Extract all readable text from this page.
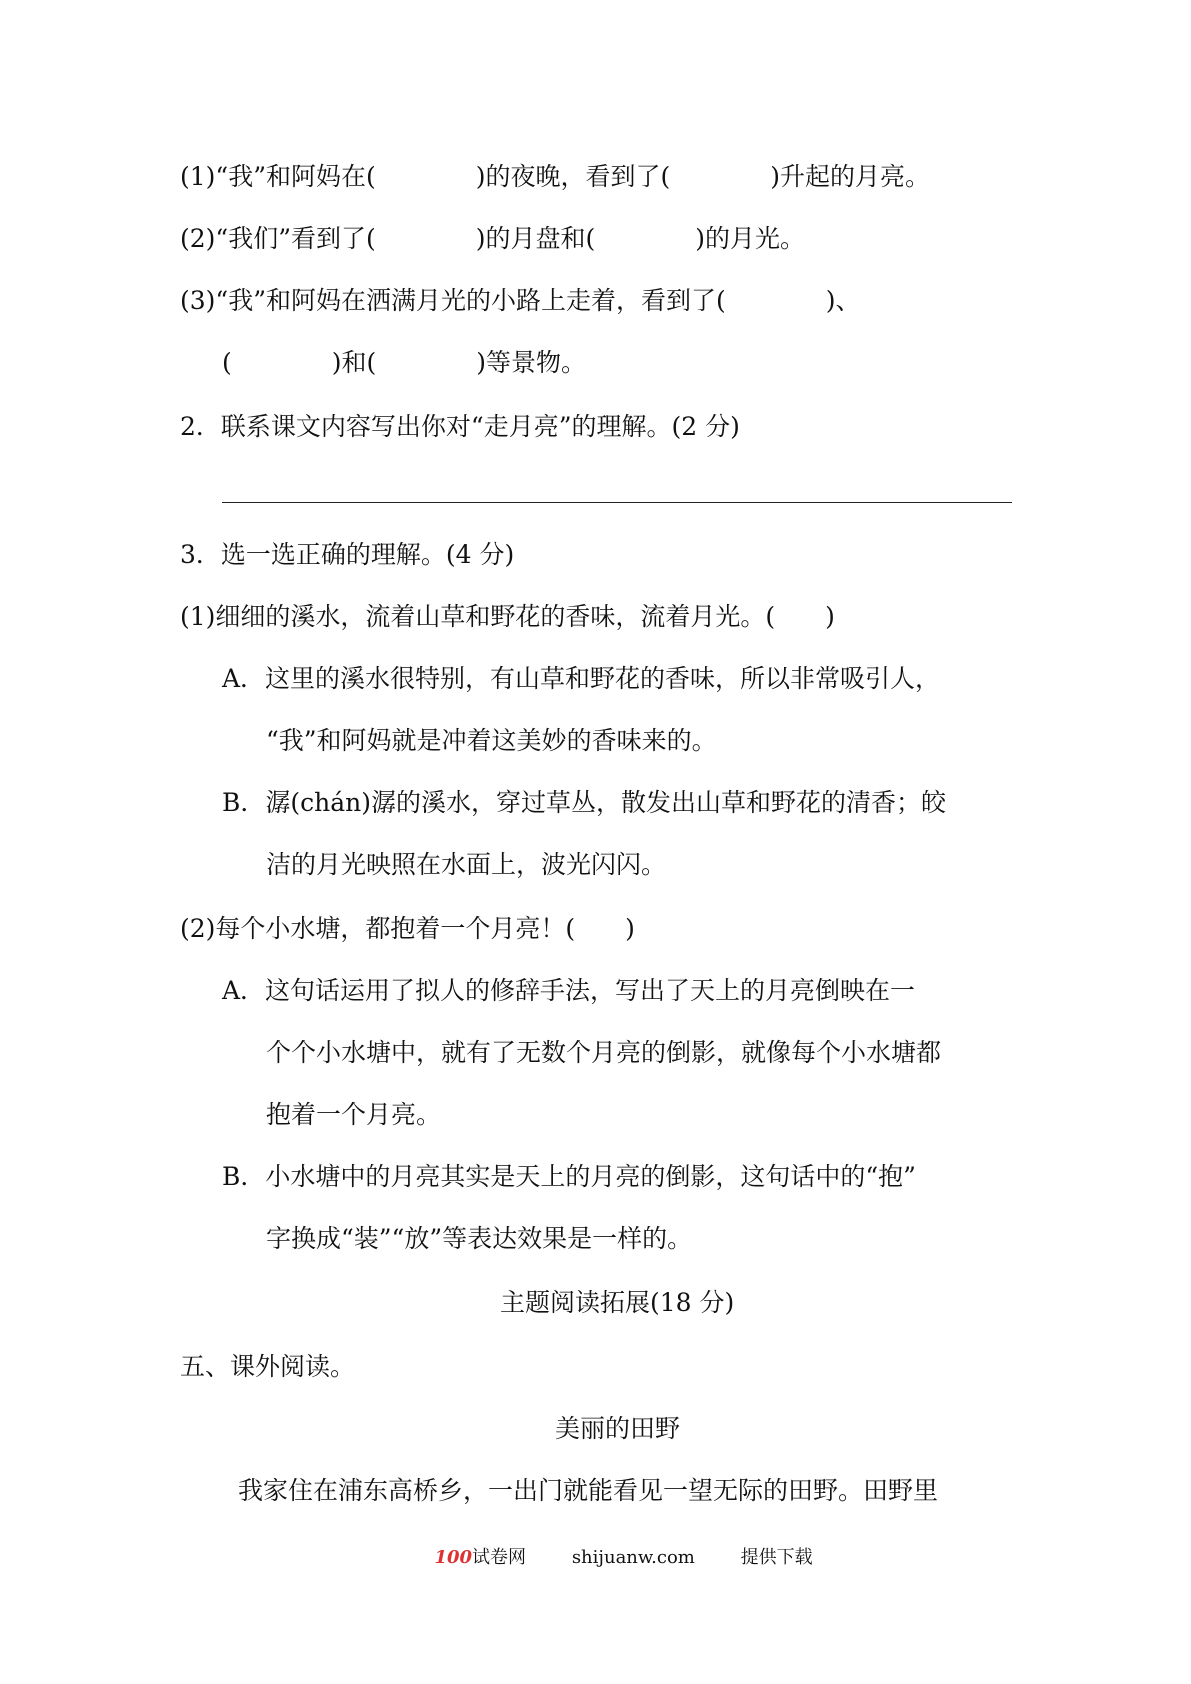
(1)“我”和阿妈在(　　　　)的夜晚，看到了(　　　　)升起的月亮。
(2)“我们”看到了(　　　　)的月盘和(　　　　)的月光。
(3)“我”和阿妈在洒满月光的小路上走着，看到了(　　　　)、
(　　　　)和(　　　　)等景物。
2．联系课文内容写出你对“走月亮”的理解。(2 分)
3．选一选正确的理解。(4 分)
(1)细细的溪水，流着山草和野花的香味，流着月光。(　　)
A．这里的溪水很特别，有山草和野花的香味，所以非常吸引人，
“我”和阿妈就是冲着这美妙的香味来的。
B．潺(chán)潺的溪水，穿过草丛，散发出山草和野花的清香；皎
洁的月光映照在水面上，波光闪闪。
(2)每个小水塘，都抱着一个月亮！(　　)
A．这句话运用了拟人的修辞手法，写出了天上的月亮倒映在一
个个小水塘中，就有了无数个月亮的倒影，就像每个小水塘都
抱着一个月亮。
B．小水塘中的月亮其实是天上的月亮的倒影，这句话中的“抱”
字换成“装”“放”等表达效果是一样的。
主题阅读拓展(18 分)
五、课外阅读。
美丽的田野
我家住在浦东高桥乡，一出门就能看见一望无际的田野。田野里

100试卷网	shijuanw.com	提供下载
